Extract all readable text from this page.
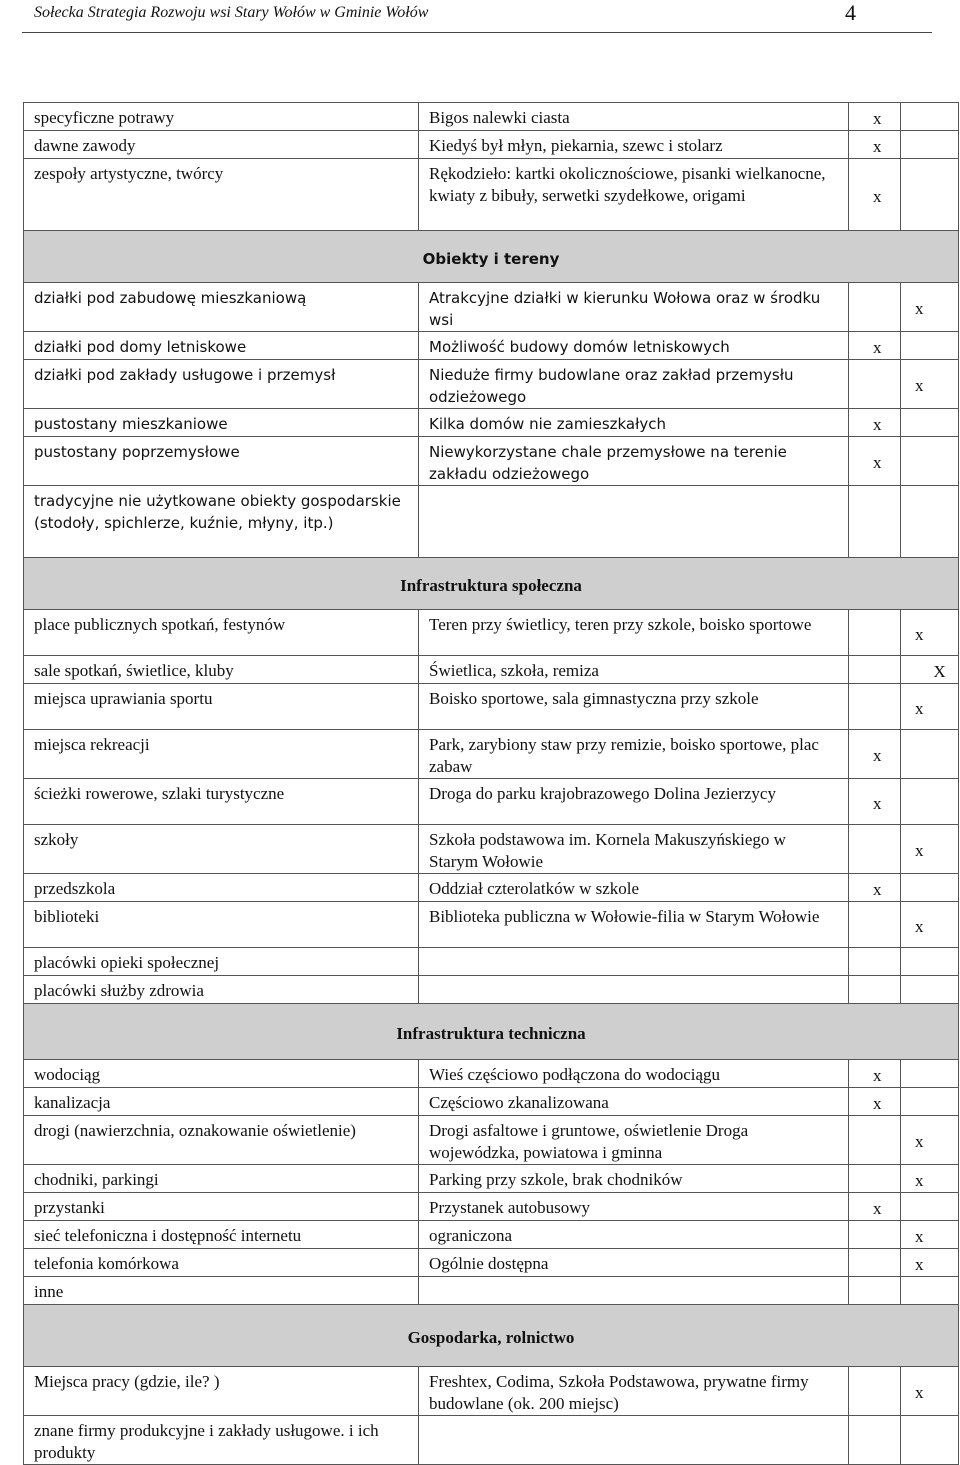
Sołecka Strategia Rozwoju wsi Stary Wołów w Gminie Wołów	4
specyficzne potrawy	Bigos nalewki ciasta	x	
dawne zawody	Kiedyś był młyn, piekarnia, szewc i stolarz	x	
zespoły artystyczne, twórcy	Rękodzieło: kartki okolicznościowe, pisanki wielkanocne, kwiaty z bibuły, serwetki szydełkowe, origami	x	
Obiekty i tereny			
działki pod zabudowę mieszkaniową	Atrakcyjne działki w kierunku Wołowa oraz w środku wsi		x
działki pod domy letniskowe	Możliwość budowy domów letniskowych	x	
działki pod zakłady usługowe i przemysł	Nieduże firmy budowlane oraz zakład przemysłu odzieżowego		x
pustostany mieszkaniowe	Kilka domów nie zamieszkałych	x	
pustostany poprzemysłowe	Niewykorzystane chale przemysłowe na terenie zakładu odzieżowego	x	
tradycyjne nie użytkowane obiekty gospodarskie (stodoły, spichlerze, kuźnie, młyny, itp.)			
Infrastruktura społeczna			
place publicznych spotkań, festynów	Teren przy świetlicy, teren przy szkole, boisko sportowe		x
sale spotkań, świetlice, kluby	Świetlica, szkoła, remiza		X
miejsca uprawiania sportu	Boisko sportowe, sala gimnastyczna przy szkole		x
miejsca rekreacji	Park, zarybiony staw przy remizie, boisko sportowe, plac zabaw	x	
ścieżki rowerowe, szlaki turystyczne	Droga do parku krajobrazowego Dolina Jezierzycy	x	
szkoły	Szkoła podstawowa im. Kornela Makuszyńskiego w Starym Wołowie		x
przedszkola	Oddział czterolatków w szkole	x	
biblioteki	Biblioteka publiczna w Wołowie-filia w Starym Wołowie		x
placówki opieki społecznej			
placówki służby zdrowia			
Infrastruktura techniczna			
wodociąg	Wieś częściowo podłączona do wodociągu	x	
kanalizacja	Częściowo zkanalizowana	x	
drogi (nawierzchnia, oznakowanie oświetlenie)	Drogi asfaltowe i gruntowe, oświetlenie Droga wojewódzka, powiatowa i gminna		x
chodniki, parkingi	Parking przy szkole, brak chodników		x
przystanki	Przystanek autobusowy	x	
sieć telefoniczna i dostępność internetu	ograniczona		x
telefonia komórkowa	Ogólnie dostępna		x
inne			
Gospodarka, rolnictwo			
Miejsca pracy (gdzie, ile? )	Freshtex, Codima, Szkoła Podstawowa, prywatne firmy budowlane (ok. 200 miejsc)		x
znane firmy produkcyjne i zakłady usługowe. i ich produkty			
